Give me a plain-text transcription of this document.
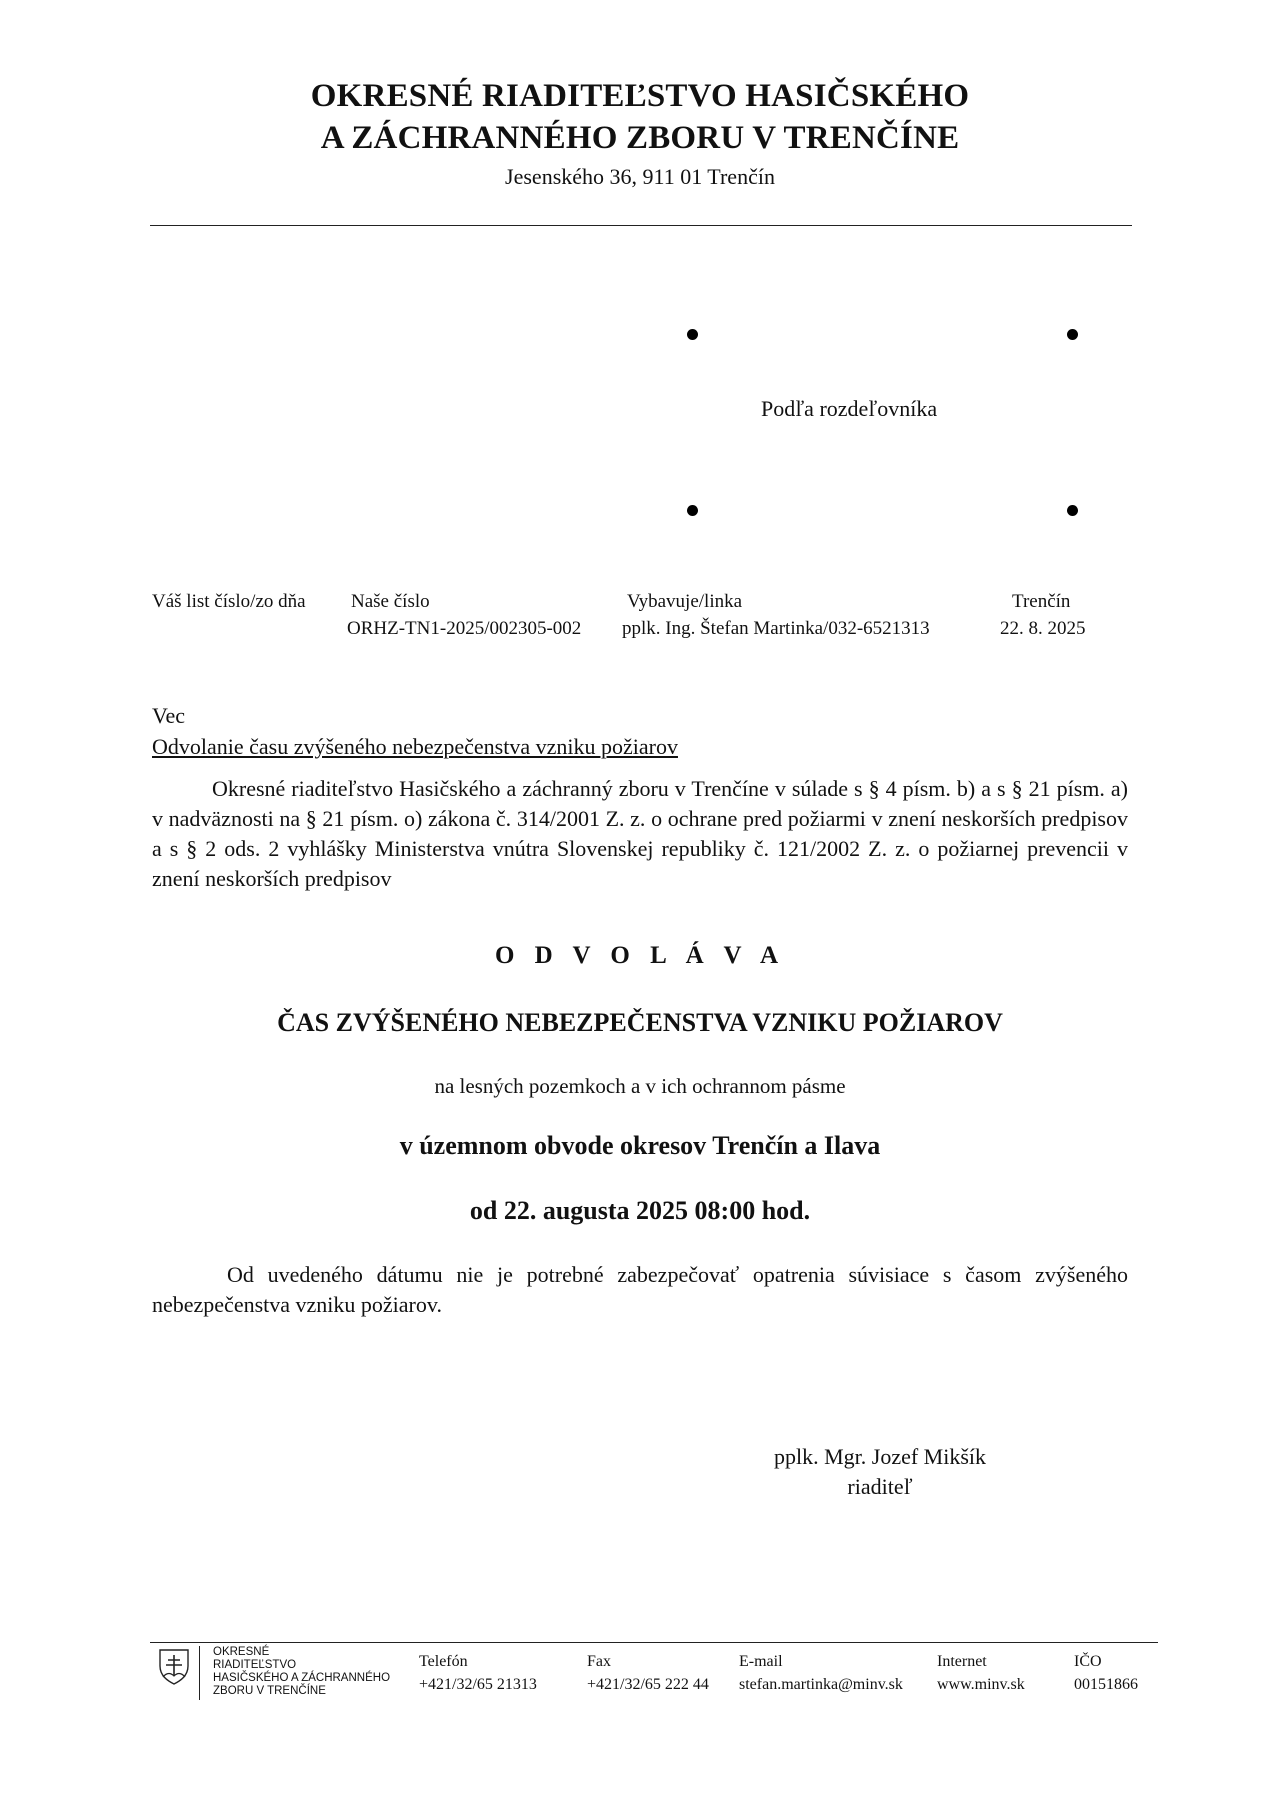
OKRESNÉ RIADITEĽSTVO HASIČSKÉHO
A ZÁCHRANNÉHO ZBORU V TRENČÍNE
Jesenského 36, 911 01 Trenčín
Podľa rozdeľovníka
Váš list číslo/zo dňa Naše číslo
ORHZ-TN1-2025/002305-002
Vybavuje/linka
pplk. Ing. Štefan Martinka/032-6521313
Trenčín
22. 8. 2025
Vec
Odvolanie času zvýšeného nebezpečenstva vzniku požiarov
Okresné riaditeľstvo Hasičského a záchranný zboru v Trenčíne v súlade s § 4 písm. b) a s § 21 písm. a) v nadväznosti na § 21 písm. o) zákona č. 314/2001 Z. z. o ochrane pred požiarmi v znení neskorších predpisov a s § 2 ods. 2 vyhlášky Ministerstva vnútra Slovenskej republiky č. 121/2002 Z. z. o požiarnej prevencii v znení neskorších predpisov
O D V O L Á V A
ČAS ZVÝŠENÉHO NEBEZPEČENSTVA VZNIKU POŽIAROV
na lesných pozemkoch a v ich ochrannom pásme
v územnom obvode okresov Trenčín a Ilava
od 22. augusta 2025 08:00 hod.
Od uvedeného dátumu nie je potrebné zabezpečovať opatrenia súvisiace s časom zvýšeného nebezpečenstva vzniku požiarov.
pplk. Mgr. Jozef Mikšík
riaditeľ
OKRESNÉ
RIADITEĽSTVO
HASIČSKÉHO A ZÁCHRANNÉHO
ZBORU V TRENČÍNE
Telefón
+421/32/65 21313
Fax
+421/32/65 222 44
E-mail
stefan.martinka@minv.sk
Internet
www.minv.sk
IČO
00151866
